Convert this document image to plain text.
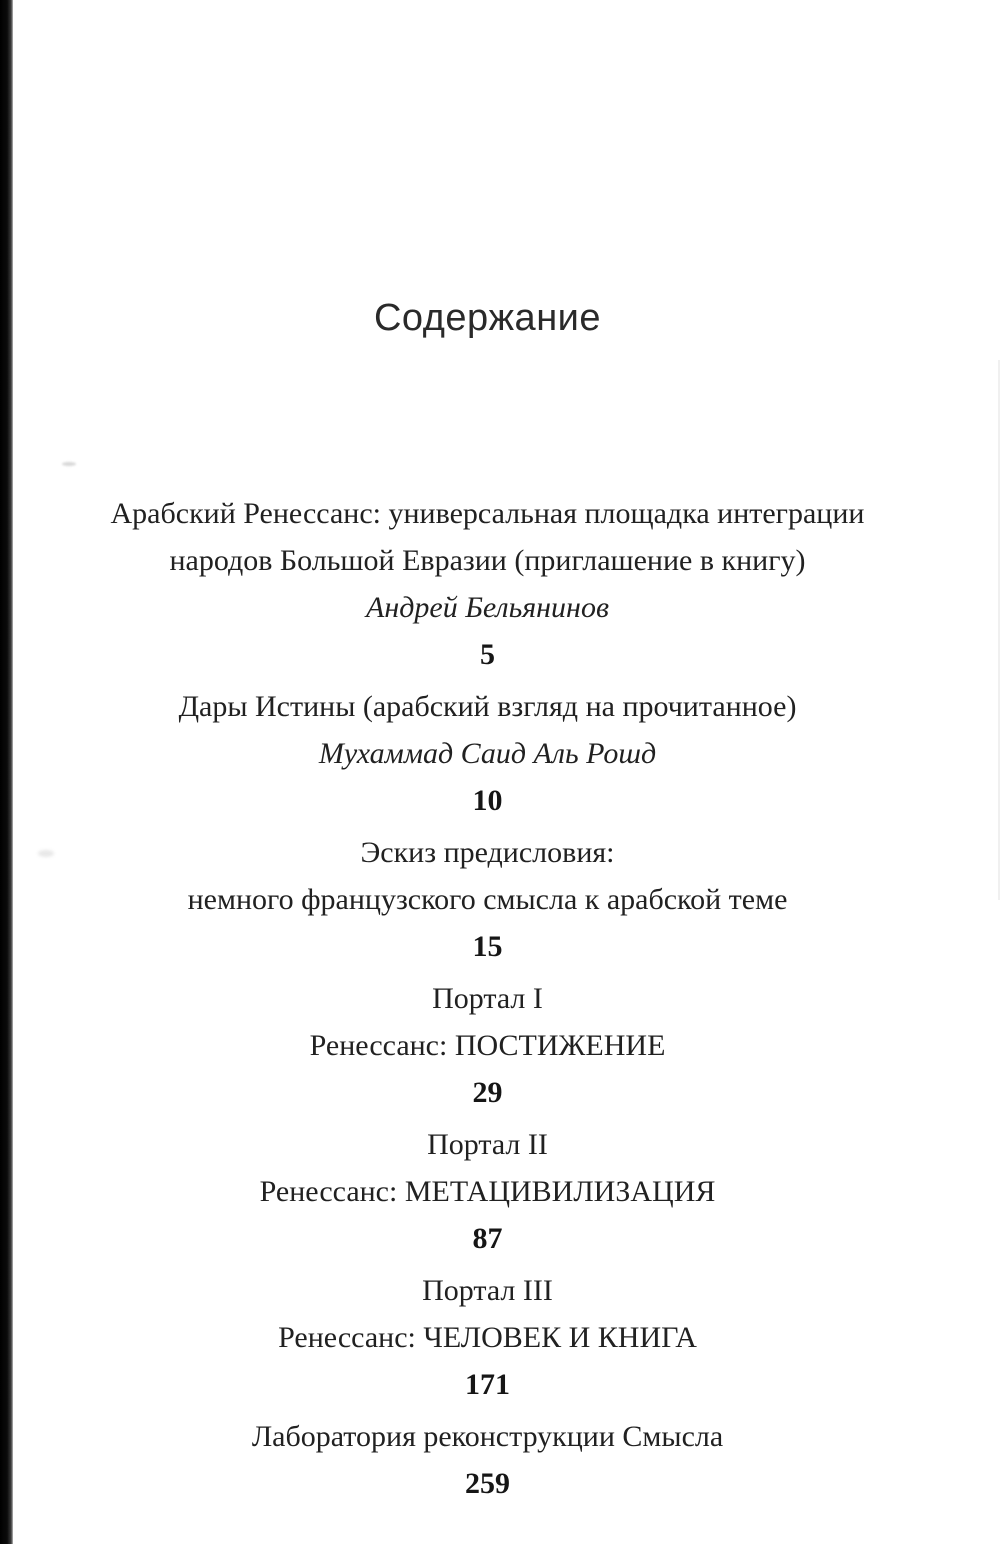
Содержание

Арабский Ренессанс: универсальная площадка интеграции

народов Большой Евразии (приглашение в книгу)

Андрей Бельянинов

5

Дары Истины (арабский взгляд на прочитанное)

Мухаммад Саид Аль Рошд

10

Эскиз предисловия:

немного французского смысла к арабской теме

15

Портал I

Ренессанс: ПОСТИЖЕНИЕ

29

Портал II

Ренессанс: МЕТАЦИВИЛИЗАЦИЯ

87

Портал III

Ренессанс: ЧЕЛОВЕК И КНИГА

171

Лаборатория реконструкции Смысла

259
